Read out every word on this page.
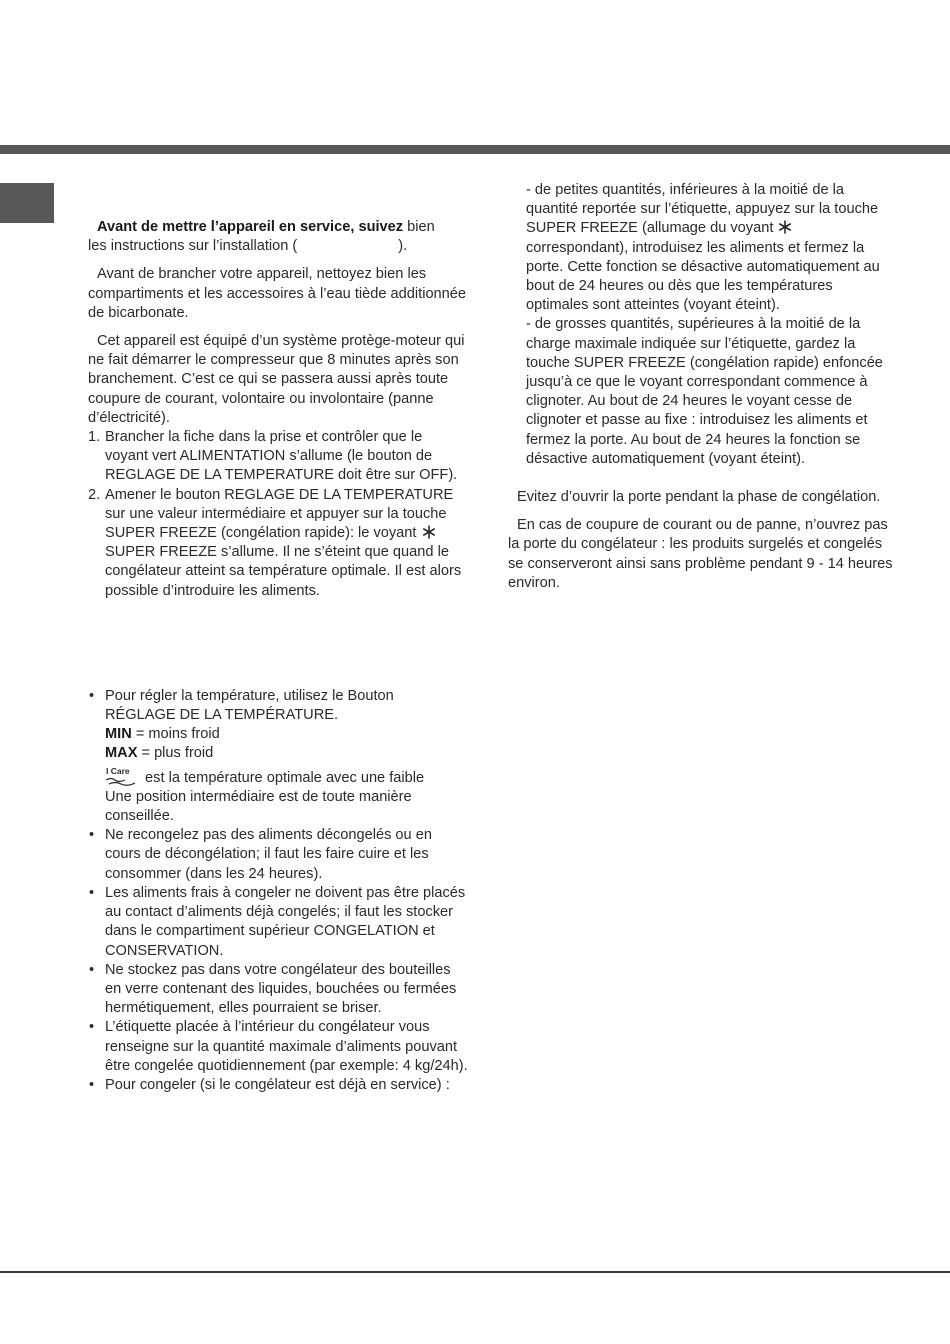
Avant de mettre l’appareil en service, suivez bien
les instructions sur l’installation (	).

Avant de brancher votre appareil, nettoyez bien les compartiments et les accessoires à l’eau tiède additionnée de bicarbonate.

Cet appareil est équipé d’un système protège-moteur qui ne fait démarrer le compresseur que 8 minutes après son branchement. C’est ce qui se passera aussi après toute coupure de courant, volontaire ou involontaire (panne d’électricité).

1. Brancher la fiche dans la prise et contrôler que le voyant vert ALIMENTATION s’allume (le bouton de REGLAGE DE LA TEMPERATURE doit être sur OFF).
2. Amener le bouton REGLAGE DE LA TEMPERATURE sur une valeur intermédiaire et appuyer sur la touche SUPER FREEZE (congélation rapide): le voyant  SUPER FREEZE s’allume. Il ne s’éteint que quand le congélateur atteint sa température optimale. Il est alors possible d’introduire les aliments.
• Pour régler la température, utilisez le Bouton RÉGLAGE DE LA TEMPÉRATURE.
MIN = moins froid
MAX = plus froid
I Care est la température optimale avec une faible
Une position intermédiaire est de toute manière conseillée.
• Ne recongelez pas des aliments décongelés ou en cours de décongélation; il faut les faire cuire et les consommer (dans les 24 heures).
• Les aliments frais à congeler ne doivent pas être placés au contact d’aliments déjà congelés; il faut les stocker dans le compartiment supérieur CONGELATION et CONSERVATION.
• Ne stockez pas dans votre congélateur des bouteilles en verre contenant des liquides, bouchées ou fermées hermétiquement, elles pourraient se briser.
• L’étiquette placée à l’intérieur du congélateur vous renseigne sur la quantité maximale d’aliments pouvant être congelée quotidiennement (par exemple: 4 kg/24h).
• Pour congeler (si le congélateur est déjà en service) :

- de petites quantités, inférieures à la moitié de la quantité reportée sur l’étiquette, appuyez sur la touche SUPER FREEZE (allumage du voyant  correspondant), introduisez les aliments et fermez la porte. Cette fonction se désactive automatiquement au bout de 24 heures ou dès que les températures optimales sont atteintes (voyant éteint).

- de grosses quantités, supérieures à la moitié de la charge maximale indiquée sur l’étiquette, gardez la touche SUPER FREEZE (congélation rapide) enfoncée jusqu’à ce que le voyant correspondant commence à clignoter. Au bout de 24 heures le voyant cesse de clignoter et passe au fixe : introduisez les aliments et fermez la porte. Au bout de 24 heures la fonction se désactive automatiquement (voyant éteint).

Evitez d’ouvrir la porte pendant la phase de congélation.

En cas de coupure de courant ou de panne, n’ouvrez pas la porte du congélateur : les produits surgelés et congelés se conserveront ainsi sans problème pendant 9 - 14 heures environ.
